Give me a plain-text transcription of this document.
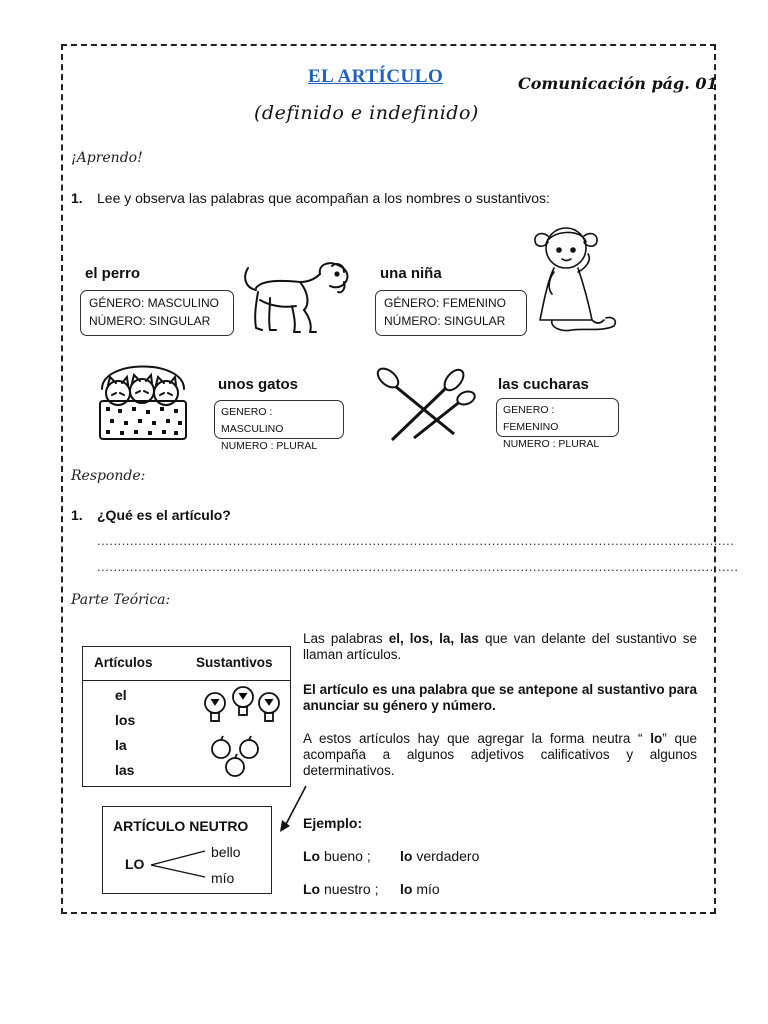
EL ARTÍCULO	Comunicación pág. 01
(definido e indefinido)
¡Aprendo!
1. Lee y observa las palabras que acompañan a los nombres o sustantivos:
el perro
GÉNERO: MASCULINO
NÚMERO: SINGULAR
una niña
GÉNERO: FEMENINO
NÚMERO: SINGULAR
unos gatos
GENERO : MASCULINO
NUMERO : PLURAL
las cucharas
GENERO : FEMENINO
NUMERO : PLURAL
Responde:
1. ¿Qué es el artículo?
...........................................................................................................................................................
............................................................................................................................................................
Parte Teórica:
Artículos	Sustantivos
el
los
la
las
Las palabras el, los, la, las que van delante del sustantivo se llaman artículos.
El artículo es una palabra que se antepone al sustantivo para anunciar su género y número.
A estos artículos hay que agregar la forma neutra “ lo” que acompaña a algunos adjetivos calificativos y algunos determinativos.
ARTÍCULO NEUTRO
LO
bello
mío
Ejemplo:
Lo bueno ; lo verdadero
Lo nuestro ; lo mío
